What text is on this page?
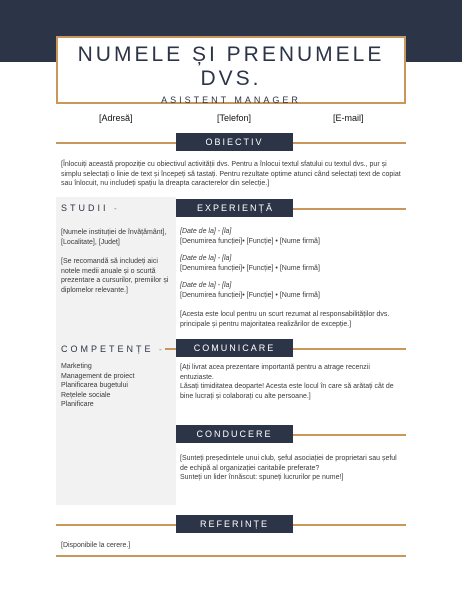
NUMELE ȘI PRENUMELE DVS.
ASISTENT MANAGER
[Adresă]	[Telefon]	[E-mail]
OBIECTIV
[Înlocuiți această propoziție cu obiectivul activității dvs. Pentru a înlocui textul sfatului cu textul dvs., pur și simplu selectați o linie de text și începeți să tastați. Pentru rezultate optime atunci când selectați text de copiat sau înlocuit, nu includeți spațiu la dreapta caracterelor din selecție.]
STUDII -
[Numele instituției de învățământ], [Localitate], [Județ]
[Se recomandă să includeți aici notele medii anuale și o scurtă prezentare a cursurilor, premiilor și diplomelor relevante.]
COMPETENȚE -
Marketing
Management de proiect
Planificarea bugetului
Rețelele sociale
Planificare
EXPERIENȚĂ
[Date de la] - [la]
[Denumirea funcției]• [Funcție] • [Nume firmă]
[Date de la] - [la]
[Denumirea funcției]• [Funcție] • [Nume firmă]
[Date de la] - [la]
[Denumirea funcției]• [Funcție] • [Nume firmă]
[Acesta este locul pentru un scurt rezumat al responsabilităților dvs. principale și pentru majoritatea realizărilor de excepție.]
COMUNICARE
[Ați livrat acea prezentare importantă pentru a atrage recenzii entuziaste.
Lăsați timiditatea deoparte! Acesta este locul în care să arătați cât de bine lucrați și colaborați cu alte persoane.]
CONDUCERE
[Sunteți președintele unui club, șeful asociației de proprietari sau șeful de echipă al organizației caritabile preferate?
Sunteți un lider înnăscut: spuneți lucrurilor pe nume!]
REFERINȚE
[Disponibile la cerere.]
